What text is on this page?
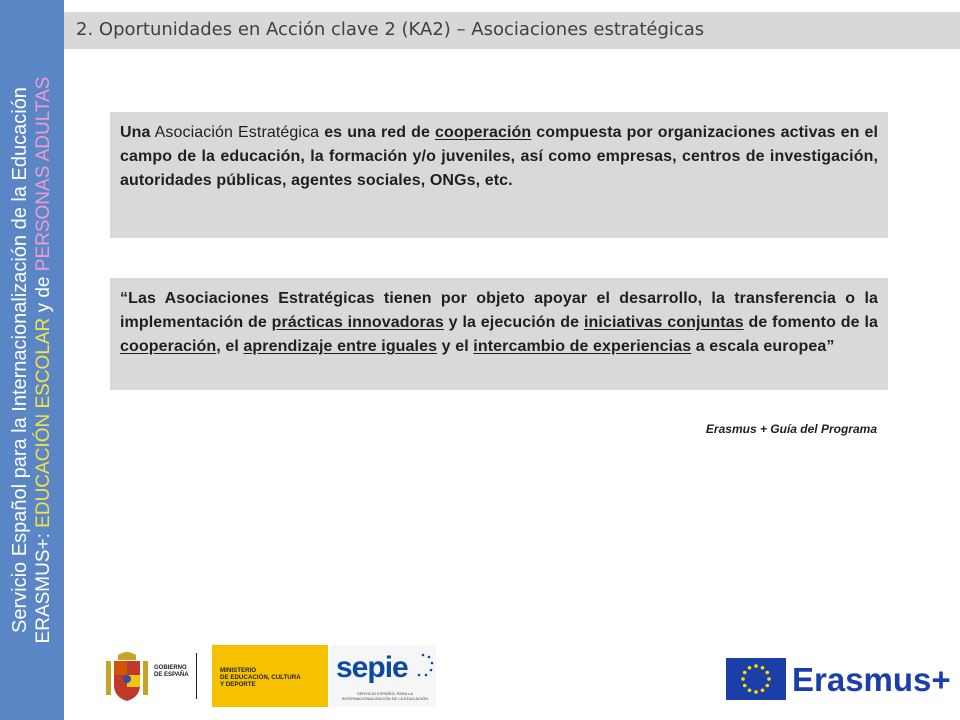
Servicio Español para la Internacionalización de la Educación ERASMUS+: EDUCACIÓN ESCOLAR y de PERSONAS ADULTAS
2. Oportunidades en Acción clave 2 (KA2) – Asociaciones estratégicas

Una Asociación Estratégica es una red de cooperación compuesta por organizaciones activas en el campo de la educación, la formación y/o juveniles, así como empresas, centros de investigación, autoridades públicas, agentes sociales, ONGs, etc.

“Las Asociaciones Estratégicas tienen por objeto apoyar el desarrollo, la transferencia o la implementación de prácticas innovadoras y la ejecución de iniciativas conjuntas de fomento de la cooperación, el aprendizaje entre iguales y el intercambio de experiencias a escala europea”

Erasmus + Guía del Programa
GOBIERNO
DE ESPAÑA
MINISTERIO
DE EDUCACIÓN, CULTURA
Y DEPORTE
sepie
SERVICIO ESPAÑOL PARA LA INTERNACIONALIZACIÓN DE LA EDUCACIÓN
Erasmus+
